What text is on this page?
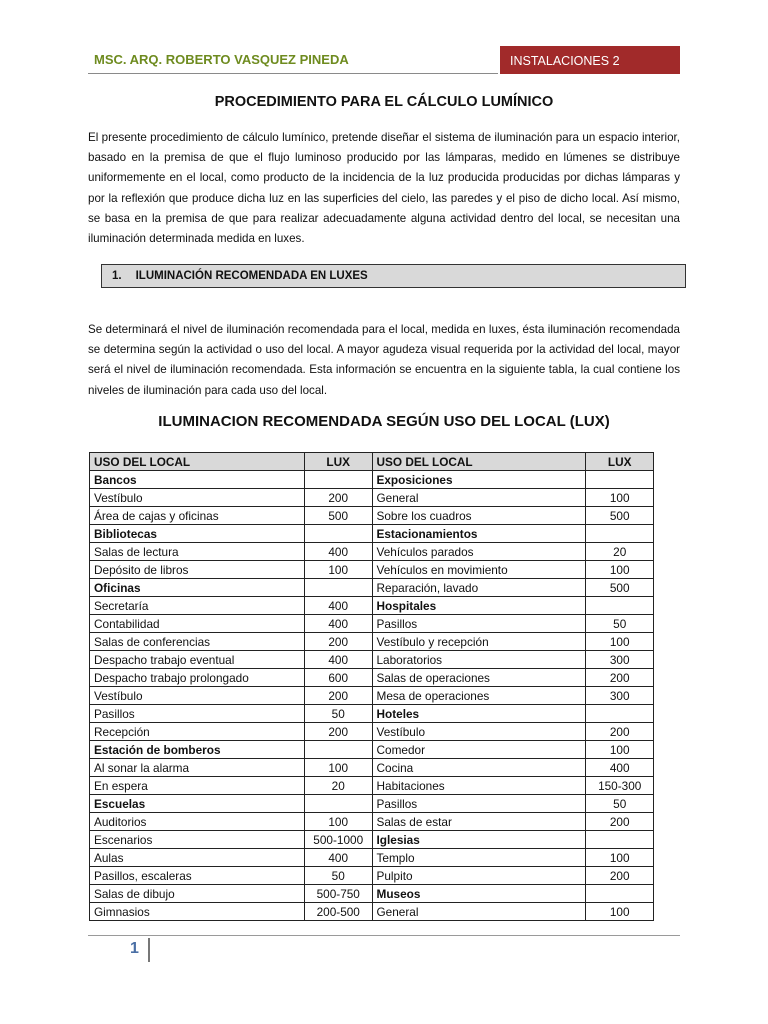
MSC. ARQ. ROBERTO VASQUEZ PINEDA	INSTALACIONES 2
PROCEDIMIENTO PARA EL CÁLCULO LUMÍNICO
El presente procedimiento de cálculo lumínico, pretende diseñar el sistema de iluminación para un espacio interior, basado en la premisa de que el flujo luminoso producido por las lámparas, medido en lúmenes se distribuye uniformemente en el local, como producto de la incidencia de la luz producida producidas por dichas lámparas y por la reflexión que produce dicha luz en las superficies del cielo, las paredes y el piso de dicho local. Así mismo, se basa en la premisa de que para realizar adecuadamente alguna actividad dentro del local, se necesitan una iluminación determinada medida en luxes.
1. ILUMINACIÓN RECOMENDADA EN LUXES
Se determinará el nivel de iluminación recomendada para el local, medida en luxes, ésta iluminación recomendada se determina según la actividad o uso del local. A mayor agudeza visual requerida por la actividad del local, mayor será el nivel de iluminación recomendada. Esta información se encuentra en la siguiente tabla, la cual contiene los niveles de iluminación para cada uso del local.
ILUMINACION RECOMENDADA SEGÚN USO DEL LOCAL (LUX)
USO DEL LOCAL	LUX	USO DEL LOCAL	LUX
Bancos		Exposiciones	
Vestíbulo	200	General	100
Área de cajas y oficinas	500	Sobre los cuadros	500
Bibliotecas		Estacionamientos	
Salas de lectura	400	Vehículos parados	20
Depósito de libros	100	Vehículos en movimiento	100
Oficinas		Reparación, lavado	500
Secretaría	400	Hospitales	
Contabilidad	400	Pasillos	50
Salas de conferencias	200	Vestíbulo y recepción	100
Despacho trabajo eventual	400	Laboratorios	300
Despacho trabajo prolongado	600	Salas de operaciones	200
Vestíbulo	200	Mesa de operaciones	300
Pasillos	50	Hoteles	
Recepción	200	Vestíbulo	200
Estación de bomberos		Comedor	100
Al sonar la alarma	100	Cocina	400
En espera	20	Habitaciones	150-300
Escuelas		Pasillos	50
Auditorios	100	Salas de estar	200
Escenarios	500-1000	Iglesias	
Aulas	400	Templo	100
Pasillos, escaleras	50	Pulpito	200
Salas de dibujo	500-750	Museos	
Gimnasios	200-500	General	100
1
